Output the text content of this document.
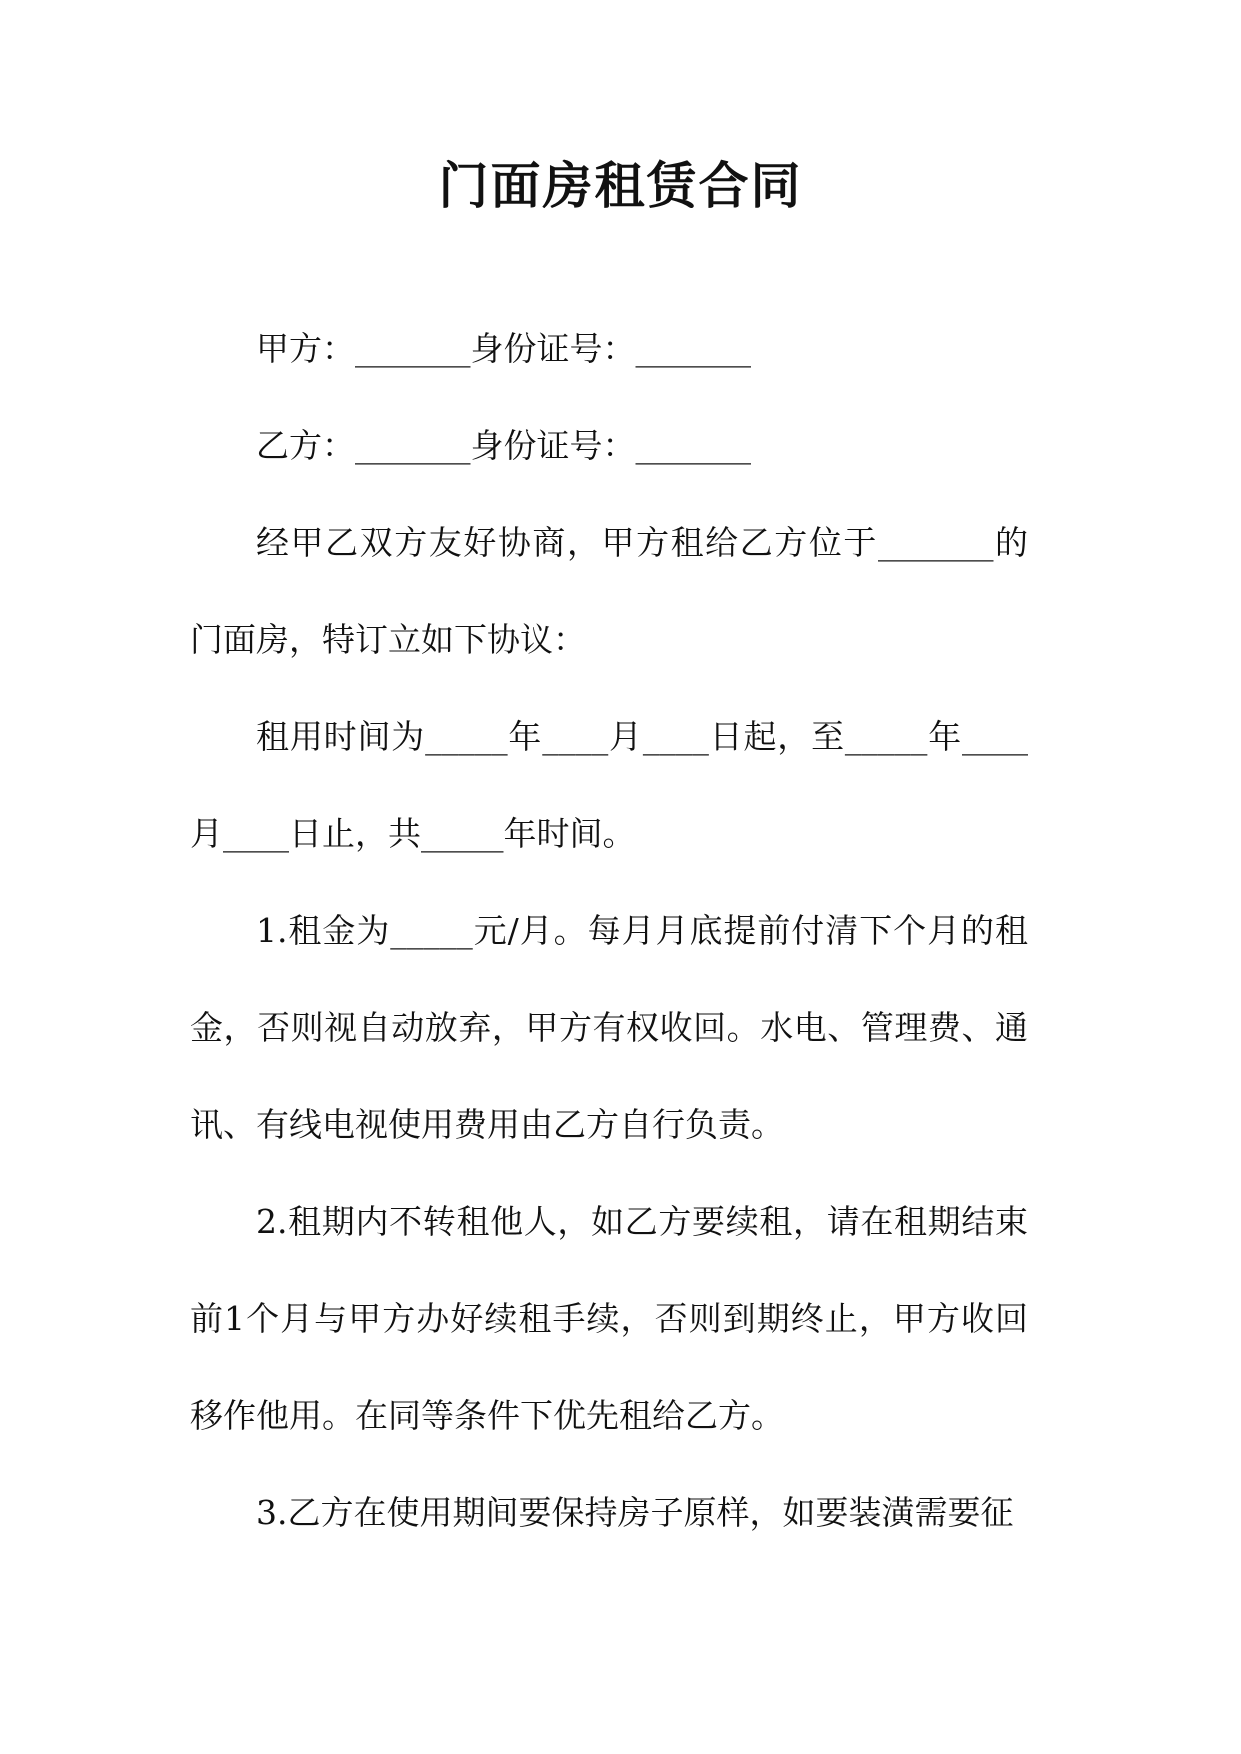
门面房租赁合同

甲方：_______身份证号：_______

乙方：_______身份证号：_______

经甲乙双方友好协商，甲方租给乙方位于_______的门面房，特订立如下协议：

租用时间为_____年____月____日起，至_____年____月____日止，共_____年时间。

1.租金为_____元/月。每月月底提前付清下个月的租金，否则视自动放弃，甲方有权收回。水电、管理费、通讯、有线电视使用费用由乙方自行负责。

2.租期内不转租他人，如乙方要续租，请在租期结束前1个月与甲方办好续租手续，否则到期终止，甲方收回移作他用。在同等条件下优先租给乙方。

3.乙方在使用期间要保持房子原样，如要装潢需要征
